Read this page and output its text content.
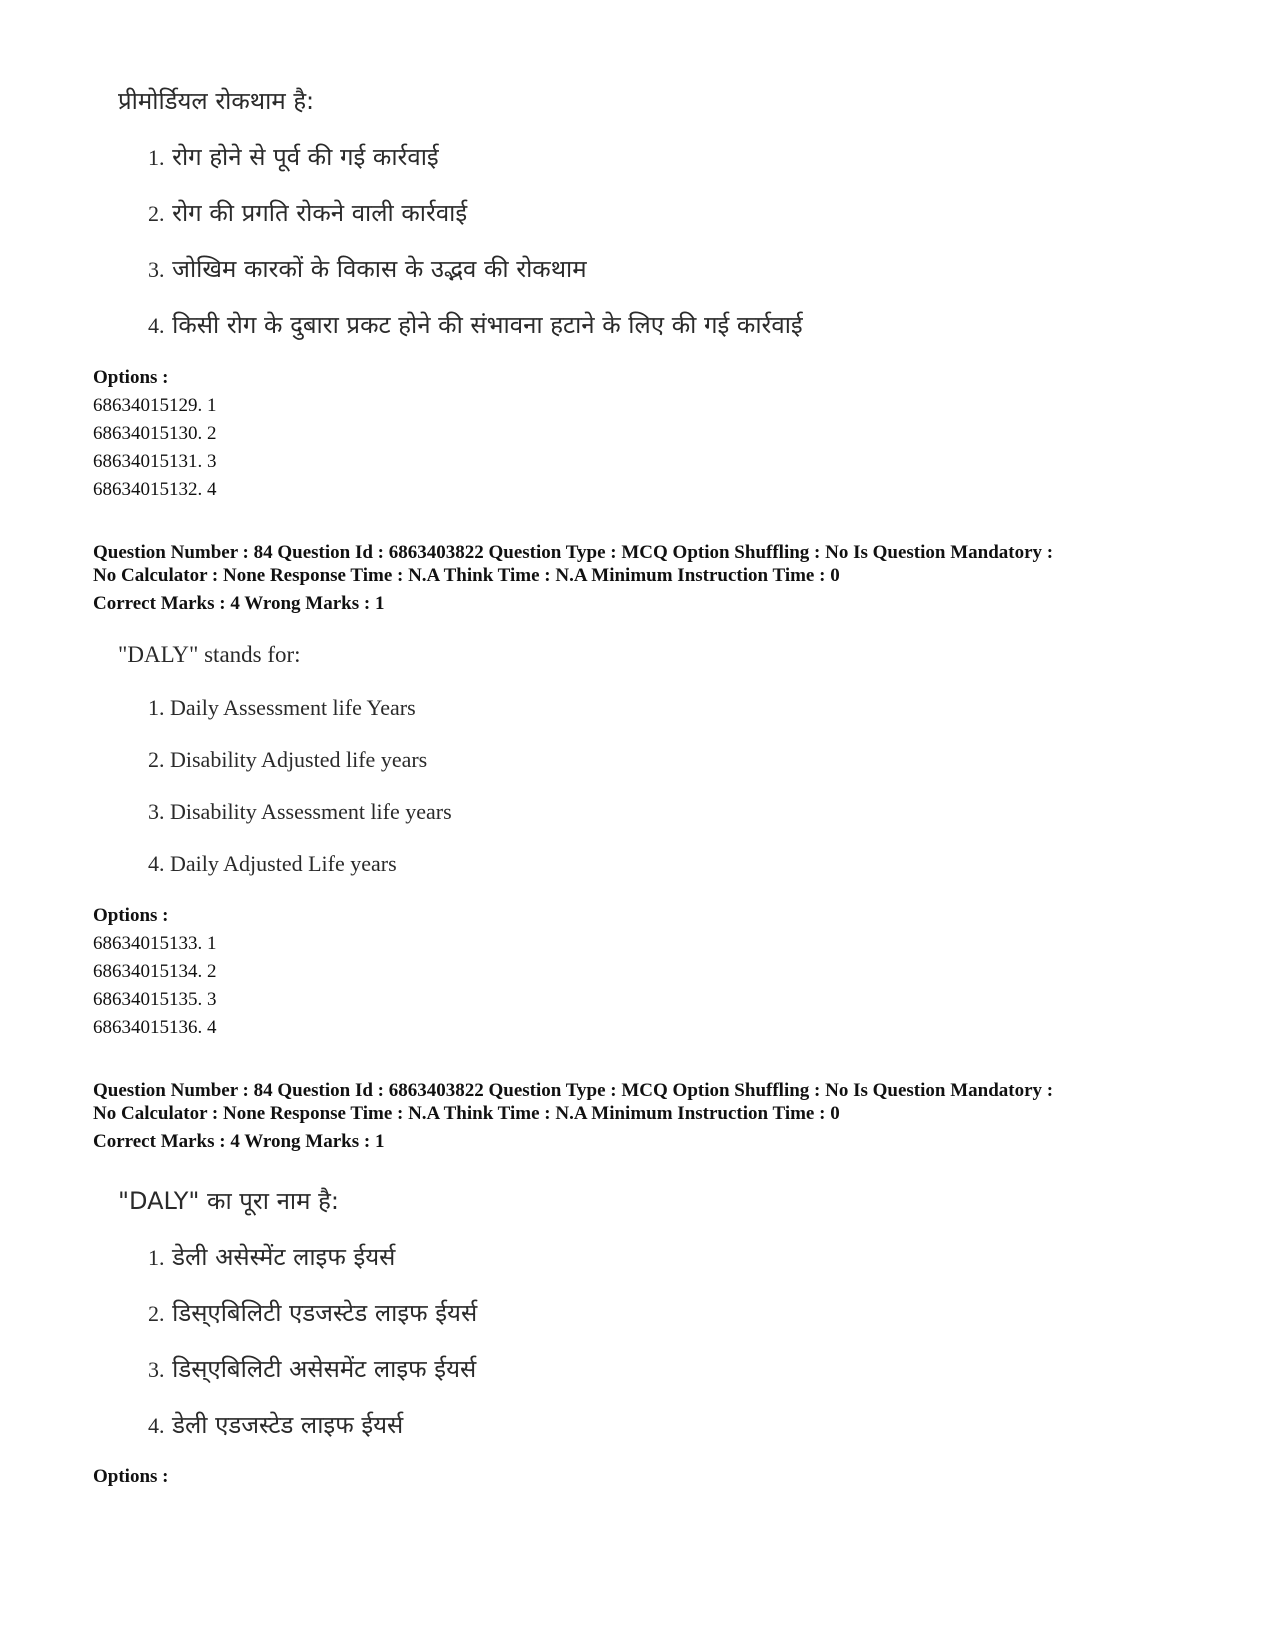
प्रीमोर्डियल रोकथाम है:
1. रोग होने से पूर्व की गई कार्रवाई
2. रोग की प्रगति रोकने वाली कार्रवाई
3. जोखिम कारकों के विकास के उद्भव की रोकथाम
4. किसी रोग के दुबारा प्रकट होने की संभावना हटाने के लिए की गई कार्रवाई
Options :
68634015129. 1
68634015130. 2
68634015131. 3
68634015132. 4
Question Number : 84 Question Id : 6863403822 Question Type : MCQ Option Shuffling : No Is Question Mandatory :
No Calculator : None Response Time : N.A Think Time : N.A Minimum Instruction Time : 0
Correct Marks : 4 Wrong Marks : 1
"DALY" stands for:
1. Daily Assessment life Years
2. Disability Adjusted life years
3. Disability Assessment life years
4. Daily Adjusted Life years
Options :
68634015133. 1
68634015134. 2
68634015135. 3
68634015136. 4
Question Number : 84 Question Id : 6863403822 Question Type : MCQ Option Shuffling : No Is Question Mandatory :
No Calculator : None Response Time : N.A Think Time : N.A Minimum Instruction Time : 0
Correct Marks : 4 Wrong Marks : 1
"DALY" का पूरा नाम है:
1. डेली असेस्मेंट लाइफ ईयर्स
2. डिस्एबिलिटी एडजस्टेड लाइफ ईयर्स
3. डिस्एबिलिटी असेसमेंट लाइफ ईयर्स
4. डेली एडजस्टेड लाइफ ईयर्स
Options :
